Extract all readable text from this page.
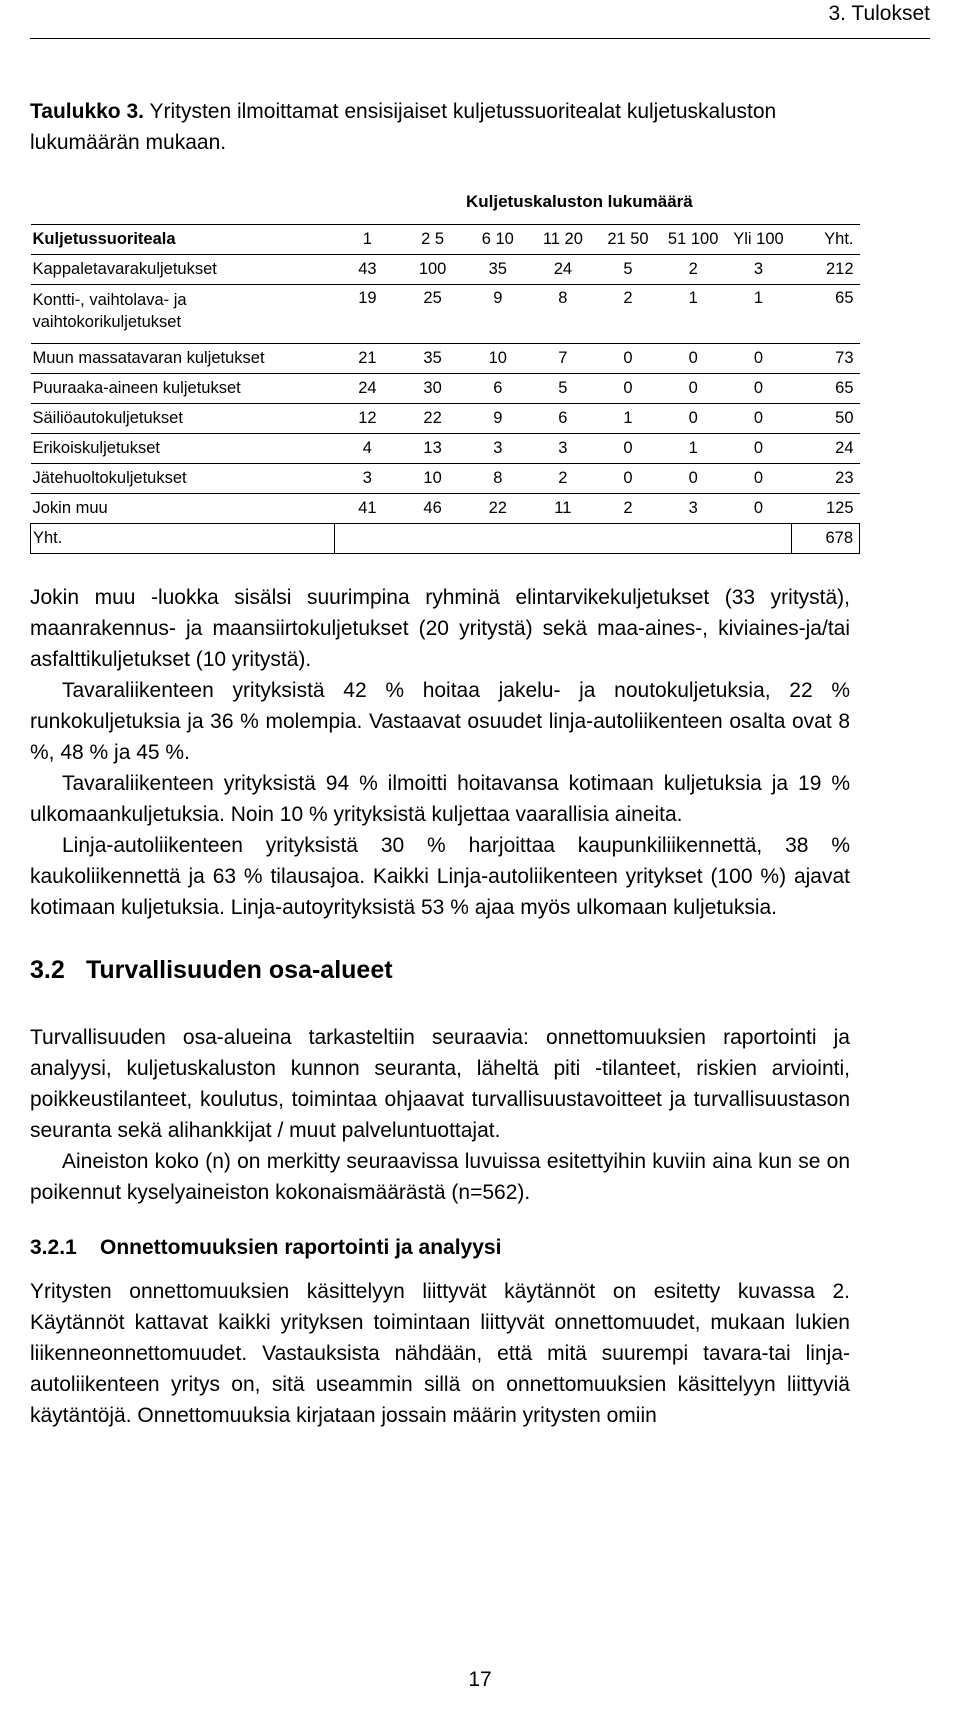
3. Tulokset
Taulukko 3. Yritysten ilmoittamat ensisijaiset kuljetussuoritealat kuljetuskaluston lukumäärän mukaan.
Kuljetuskaluston lukumäärä
Kuljetussuoriteala	1	2 5	6 10	11 20	21 50	51 100	Yli 100	Yht.
Kappaletavarakuljetukset	43	100	35	24	5	2	3	212
Kontti-, vaihtolava- ja vaihtokorikuljetukset	19	25	9	8	2	1	1	65
Muun massatavaran kuljetukset	21	35	10	7	0	0	0	73
Puuraaka-aineen kuljetukset	24	30	6	5	0	0	0	65
Säiliöautokuljetukset	12	22	9	6	1	0	0	50
Erikoiskuljetukset	4	13	3	3	0	1	0	24
Jätehuoltokuljetukset	3	10	8	2	0	0	0	23
Jokin muu	41	46	22	11	2	3	0	125
Yht.								678

Jokin muu -luokka sisälsi suurimpina ryhminä elintarvikekuljetukset (33 yritystä), maanrakennus- ja maansiirtokuljetukset (20 yritystä) sekä maa-aines-, kiviaines-ja/tai asfalttikuljetukset (10 yritystä).

Tavaraliikenteen yrityksistä 42 % hoitaa jakelu- ja noutokuljetuksia, 22 % runkokuljetuksia ja 36 % molempia. Vastaavat osuudet linja-autoliikenteen osalta ovat 8 %, 48 % ja 45 %.

Tavaraliikenteen yrityksistä 94 % ilmoitti hoitavansa kotimaan kuljetuksia ja 19 % ulkomaankuljetuksia. Noin 10 % yrityksistä kuljettaa vaarallisia aineita.

Linja-autoliikenteen yrityksistä 30 % harjoittaa kaupunkiliikennettä, 38 % kaukoliikennettä ja 63 % tilausajoa. Kaikki Linja-autoliikenteen yritykset (100 %) ajavat kotimaan kuljetuksia. Linja-autoyrityksistä 53 % ajaa myös ulkomaan kuljetuksia.

3.2 Turvallisuuden osa-alueet

Turvallisuuden osa-alueina tarkasteltiin seuraavia: onnettomuuksien raportointi ja analyysi, kuljetuskaluston kunnon seuranta, läheltä piti -tilanteet, riskien arviointi, poikkeustilanteet, koulutus, toimintaa ohjaavat turvallisuustavoitteet ja turvallisuustason seuranta sekä alihankkijat / muut palveluntuottajat.

Aineiston koko (n) on merkitty seuraavissa luvuissa esitettyihin kuviin aina kun se on poikennut kyselyaineiston kokonaismäärästä (n=562).

3.2.1 Onnettomuuksien raportointi ja analyysi

Yritysten onnettomuuksien käsittelyyn liittyvät käytännöt on esitetty kuvassa 2. Käytännöt kattavat kaikki yrityksen toimintaan liittyvät onnettomuudet, mukaan lukien liikenneonnettomuudet. Vastauksista nähdään, että mitä suurempi tavara-tai linja-autoliikenteen yritys on, sitä useammin sillä on onnettomuuksien käsittelyyn liittyviä käytäntöjä. Onnettomuuksia kirjataan jossain määrin yritysten omiin

17
